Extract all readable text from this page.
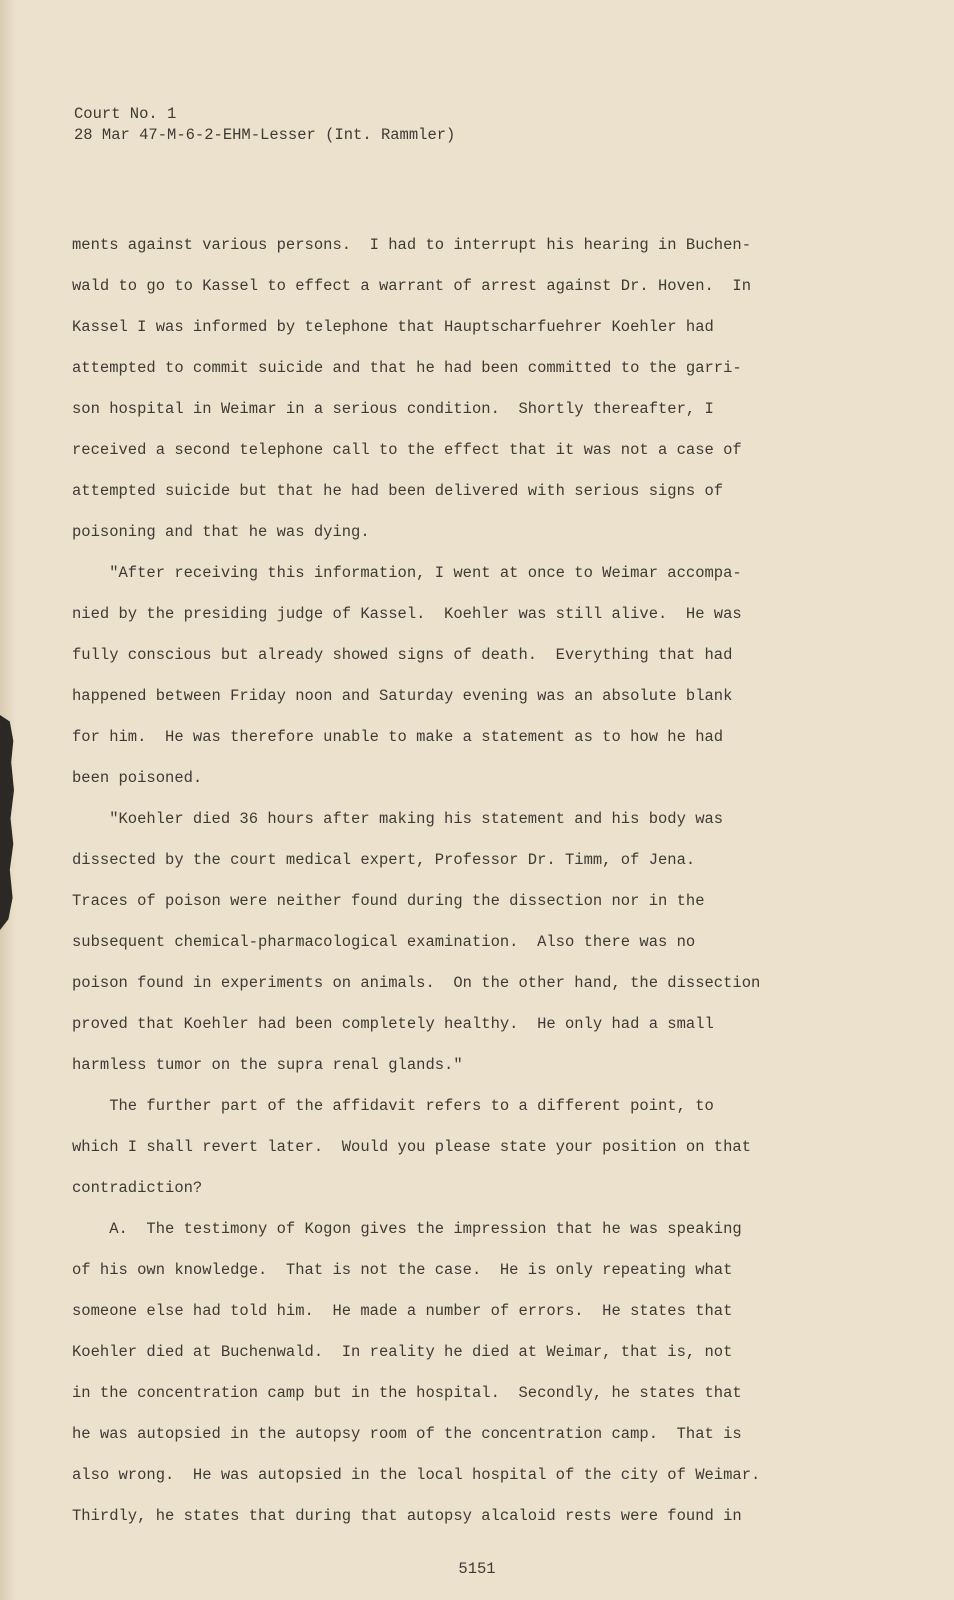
Court No. 1
28 Mar 47-M-6-2-EHM-Lesser (Int. Rammler)
ments against various persons.  I had to interrupt his hearing in Buchen-
wald to go to Kassel to effect a warrant of arrest against Dr. Hoven.  In
Kassel I was informed by telephone that Hauptscharfuehrer Koehler had
attempted to commit suicide and that he had been committed to the garri-
son hospital in Weimar in a serious condition.  Shortly thereafter, I
received a second telephone call to the effect that it was not a case of
attempted suicide but that he had been delivered with serious signs of
poisoning and that he was dying.
"After receiving this information, I went at once to Weimar accompa-
nied by the presiding judge of Kassel.  Koehler was still alive.  He was
fully conscious but already showed signs of death.  Everything that had
happened between Friday noon and Saturday evening was an absolute blank
for him.  He was therefore unable to make a statement as to how he had
been poisoned.
"Koehler died 36 hours after making his statement and his body was
dissected by the court medical expert, Professor Dr. Timm, of Jena.
Traces of poison were neither found during the dissection nor in the
subsequent chemical-pharmacological examination.  Also there was no
poison found in experiments on animals.  On the other hand, the dissection
proved that Koehler had been completely healthy.  He only had a small
harmless tumor on the supra renal glands."
The further part of the affidavit refers to a different point, to
which I shall revert later.  Would you please state your position on that
contradiction?
A.  The testimony of Kogon gives the impression that he was speaking
of his own knowledge.  That is not the case.  He is only repeating what
someone else had told him.  He made a number of errors.  He states that
Koehler died at Buchenwald.  In reality he died at Weimar, that is, not
in the concentration camp but in the hospital.  Secondly, he states that
he was autopsied in the autopsy room of the concentration camp.  That is
also wrong.  He was autopsied in the local hospital of the city of Weimar.
Thirdly, he states that during that autopsy alcaloid rests were found in
5151
